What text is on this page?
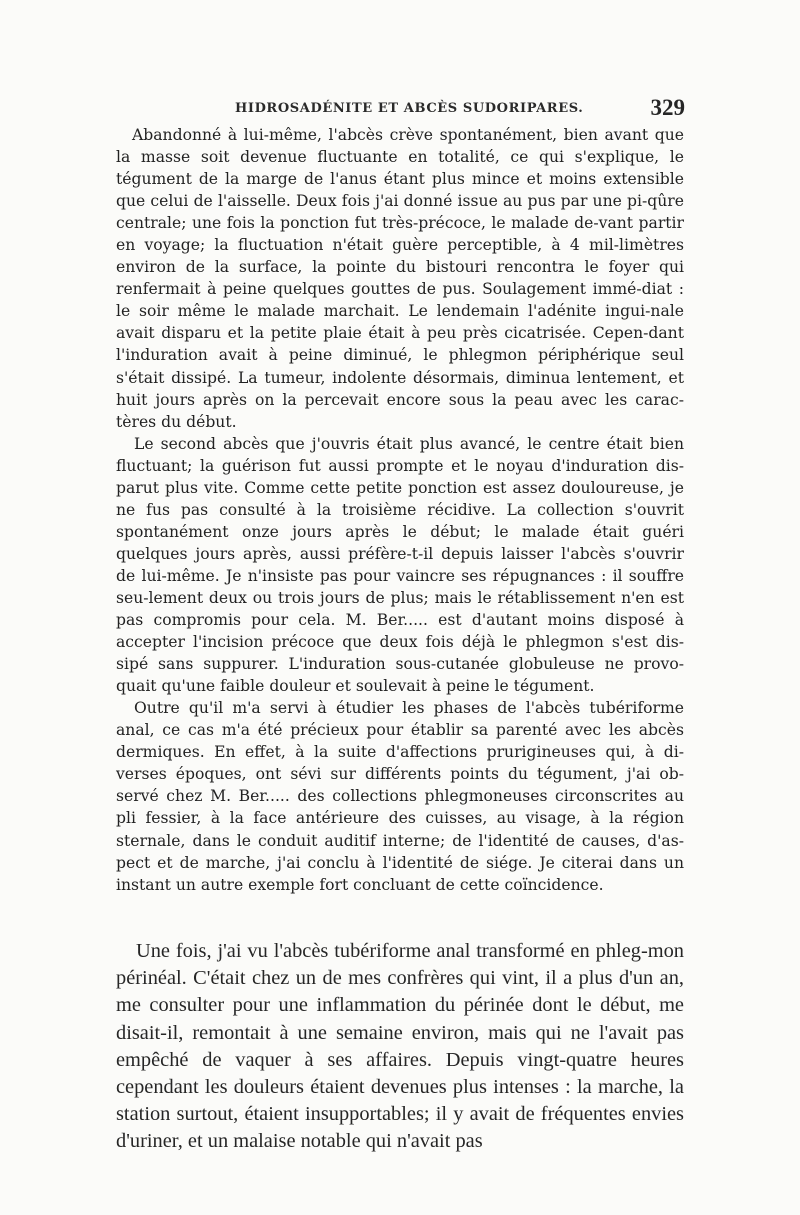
HIDROSADÉNITE ET ABCÈS SUDORIPARES.	329

Abandonné à lui-même, l'abcès crève spontanément, bien avant que la masse soit devenue fluctuante en totalité, ce qui s'explique, le tégument de la marge de l'anus étant plus mince et moins extensible que celui de l'aisselle. Deux fois j'ai donné issue au pus par une pi-qûre centrale; une fois la ponction fut très-précoce, le malade de-vant partir en voyage; la fluctuation n'était guère perceptible, à 4 mil-limètres environ de la surface, la pointe du bistouri rencontra le foyer qui renfermait à peine quelques gouttes de pus. Soulagement immé-diat : le soir même le malade marchait. Le lendemain l'adénite ingui-nale avait disparu et la petite plaie était à peu près cicatrisée. Cepen-dant l'induration avait à peine diminué, le phlegmon périphérique seul s'était dissipé. La tumeur, indolente désormais, diminua lentement, et huit jours après on la percevait encore sous la peau avec les carac-tères du début.

Le second abcès que j'ouvris était plus avancé, le centre était bien fluctuant; la guérison fut aussi prompte et le noyau d'induration dis-parut plus vite. Comme cette petite ponction est assez douloureuse, je ne fus pas consulté à la troisième récidive. La collection s'ouvrit spontanément onze jours après le début; le malade était guéri quelques jours après, aussi préfère-t-il depuis laisser l'abcès s'ouvrir de lui-même. Je n'insiste pas pour vaincre ses répugnances : il souffre seu-lement deux ou trois jours de plus; mais le rétablissement n'en est pas compromis pour cela. M. Ber..... est d'autant moins disposé à accepter l'incision précoce que deux fois déjà le phlegmon s'est dis-sipé sans suppurer. L'induration sous-cutanée globuleuse ne provo-quait qu'une faible douleur et soulevait à peine le tégument.

Outre qu'il m'a servi à étudier les phases de l'abcès tubériforme anal, ce cas m'a été précieux pour établir sa parenté avec les abcès dermiques. En effet, à la suite d'affections prurigineuses qui, à di-verses époques, ont sévi sur différents points du tégument, j'ai ob-servé chez M. Ber..... des collections phlegmoneuses circonscrites au pli fessier, à la face antérieure des cuisses, au visage, à la région sternale, dans le conduit auditif interne; de l'identité de causes, d'as-pect et de marche, j'ai conclu à l'identité de siége. Je citerai dans un instant un autre exemple fort concluant de cette coïncidence.

Une fois, j'ai vu l'abcès tubériforme anal transformé en phleg-mon périnéal. C'était chez un de mes confrères qui vint, il a plus d'un an, me consulter pour une inflammation du périnée dont le début, me disait-il, remontait à une semaine environ, mais qui ne l'avait pas empêché de vaquer à ses affaires. Depuis vingt-quatre heures cependant les douleurs étaient devenues plus intenses : la marche, la station surtout, étaient insupportables; il y avait de fréquentes envies d'uriner, et un malaise notable qui n'avait pas
